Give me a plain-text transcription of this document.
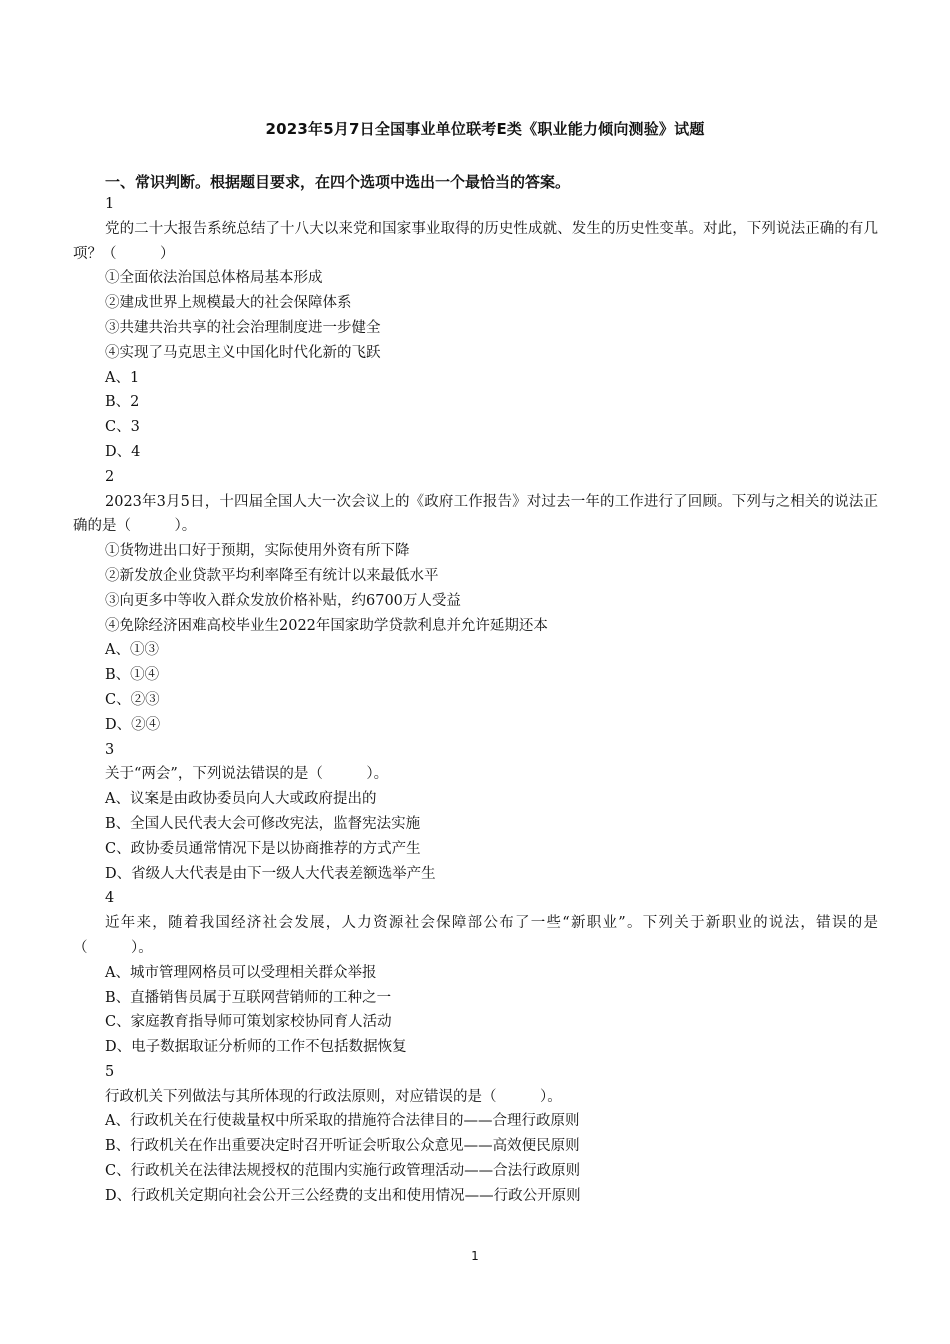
2023年5月7日全国事业单位联考E类《职业能力倾向测验》试题
一、常识判断。根据题目要求，在四个选项中选出一个最恰当的答案。

1

党的二十大报告系统总结了十八大以来党和国家事业取得的历史性成就、发生的历史性变革。对此，下列说法正确的有几项？（　　　）

①全面依法治国总体格局基本形成

②建成世界上规模最大的社会保障体系

③共建共治共享的社会治理制度进一步健全

④实现了马克思主义中国化时代化新的飞跃

A、1

B、2

C、3

D、4

2

2023年3月5日，十四届全国人大一次会议上的《政府工作报告》对过去一年的工作进行了回顾。下列与之相关的说法正确的是（　　　）。

①货物进出口好于预期，实际使用外资有所下降

②新发放企业贷款平均利率降至有统计以来最低水平

③向更多中等收入群众发放价格补贴，约6700万人受益

④免除经济困难高校毕业生2022年国家助学贷款利息并允许延期还本

A、①③

B、①④

C、②③

D、②④

3

关于“两会”，下列说法错误的是（　　　）。

A、议案是由政协委员向人大或政府提出的

B、全国人民代表大会可修改宪法，监督宪法实施

C、政协委员通常情况下是以协商推荐的方式产生

D、省级人大代表是由下一级人大代表差额选举产生

4

近年来，随着我国经济社会发展，人力资源社会保障部公布了一些“新职业”。下列关于新职业的说法，错误的是（　　　）。

A、城市管理网格员可以受理相关群众举报

B、直播销售员属于互联网营销师的工种之一

C、家庭教育指导师可策划家校协同育人活动

D、电子数据取证分析师的工作不包括数据恢复

5

行政机关下列做法与其所体现的行政法原则，对应错误的是（　　　）。

A、行政机关在行使裁量权中所采取的措施符合法律目的——合理行政原则

B、行政机关在作出重要决定时召开听证会听取公众意见——高效便民原则

C、行政机关在法律法规授权的范围内实施行政管理活动——合法行政原则

D、行政机关定期向社会公开三公经费的支出和使用情况——行政公开原则

1
